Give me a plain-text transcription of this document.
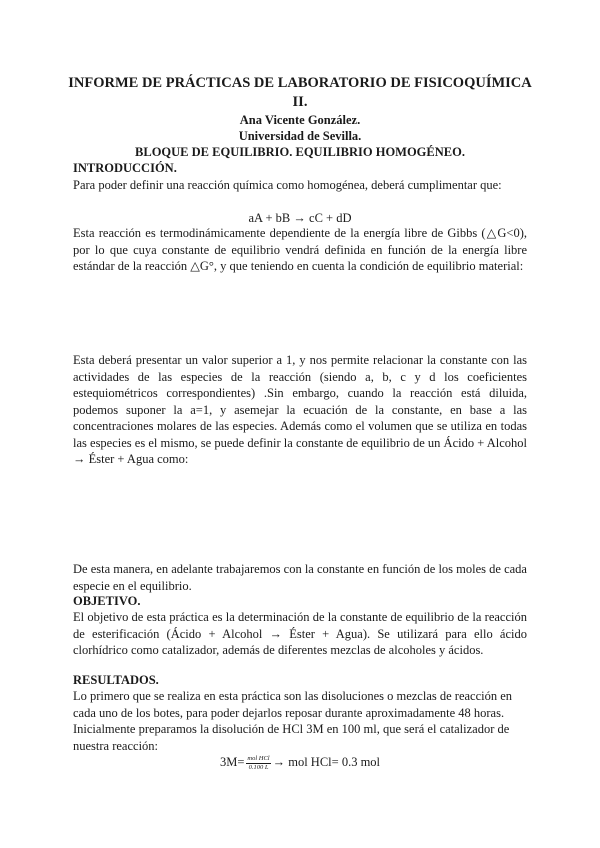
INFORME DE PRÁCTICAS DE LABORATORIO DE FISICOQUÍMICA II.
Ana Vicente González.
Universidad de Sevilla.
BLOQUE DE EQUILIBRIO. EQUILIBRIO HOMOGÉNEO.
INTRODUCCIÓN.

Para poder definir una reacción química como homogénea, deberá cumplimentar que:

aA + bB → cC + dD

Esta reacción es termodinámicamente dependiente de la energía libre de Gibbs (△G<0), por lo que cuya constante de equilibrio vendrá definida en función de la energía libre estándar de la reacción △G°, y que teniendo en cuenta la condición de equilibrio material:

Esta deberá presentar un valor superior a 1, y nos permite relacionar la constante con las actividades de las especies de la reacción (siendo a, b, c y d los coeficientes estequiométricos correspondientes) .Sin embargo, cuando la reacción está diluida, podemos suponer la a=1, y asemejar la ecuación de la constante, en base a las concentraciones molares de las especies. Además como el volumen que se utiliza en todas las especies es el mismo, se puede definir la constante de equilibrio de un Ácido + Alcohol → Éster + Agua como:

De esta manera, en adelante trabajaremos con la constante en función de los moles de cada especie en el equilibrio.

OBJETIVO.

El objetivo de esta práctica es la determinación de la constante de equilibrio de la reacción de esterificación (Ácido + Alcohol → Éster + Agua). Se utilizará para ello ácido clorhídrico como catalizador, además de diferentes mezclas de alcoholes y ácidos.

RESULTADOS.

Lo primero que se realiza en esta práctica son las disoluciones o mezclas de reacción en cada uno de los botes, para poder dejarlos reposar durante aproximadamente 48 horas. Inicialmente preparamos la disolución de HCl 3M en 100 ml, que será el catalizador de nuestra reacción:

$3M= \frac{\text{mol HCl}}{0.100 L}$ → mol HCl= 0.3 mol
